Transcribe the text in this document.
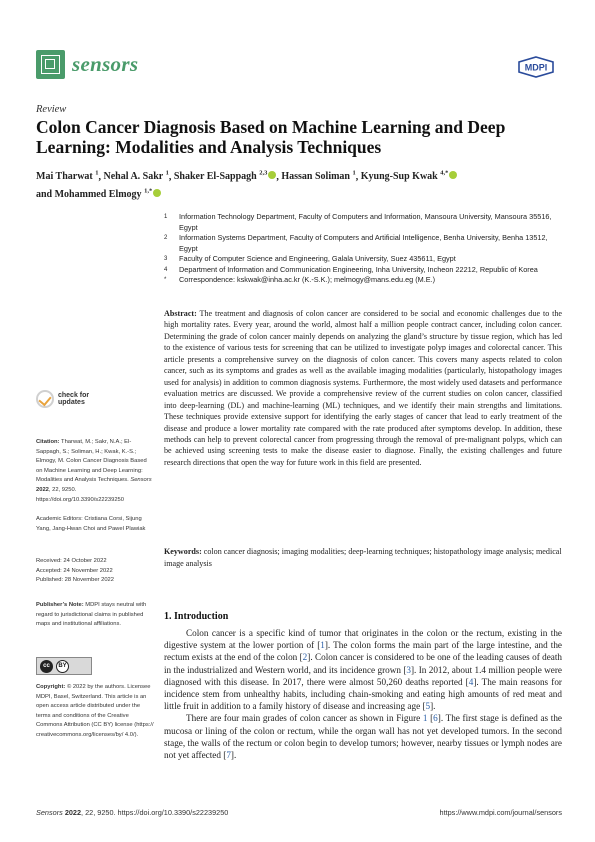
sensors	MDPI
Review
Colon Cancer Diagnosis Based on Machine Learning and Deep Learning: Modalities and Analysis Techniques
Mai Tharwat $^1$, Nehal A. Sakr $^1$, Shaker El-Sappagh $^{2,3}$ , Hassan Soliman $^1$, Kyung-Sup Kwak $^{4,*}$
and Mohammed Elmogy $^{1,*}$
1	Information Technology Department, Faculty of Computers and Information, Mansoura University, Mansoura 35516, Egypt
2	Information Systems Department, Faculty of Computers and Artificial Intelligence, Benha University, Benha 13512, Egypt
3	Faculty of Computer Science and Engineering, Galala University, Suez 435611, Egypt
4	Department of Information and Communication Engineering, Inha University, Incheon 22212, Republic of Korea
*	Correspondence: kskwak@inha.ac.kr (K.-S.K.); melmogy@mans.edu.eg (M.E.)
Abstract: The treatment and diagnosis of colon cancer are considered to be social and economic challenges due to the high mortality rates. Every year, around the world, almost half a million people contract cancer, including colon cancer. Determining the grade of colon cancer mainly depends on analyzing the gland’s structure by tissue region, which has led to the existence of various tests for screening that can be utilized to investigate polyp images and colorectal cancer. This article presents a comprehensive survey on the diagnosis of colon cancer. This covers many aspects related to colon cancer, such as its symptoms and grades as well as the available imaging modalities (particularly, histopathology images used for analysis) in addition to common diagnosis systems. Furthermore, the most widely used datasets and performance evaluation metrics are discussed. We provide a comprehensive review of the current studies on colon cancer, classified into deep-learning (DL) and machine-learning (ML) techniques, and we identify their main strengths and limitations. These techniques provide extensive support for identifying the early stages of cancer that lead to early treatment of the disease and produce a lower mortality rate compared with the rate produced after symptoms develop. In addition, these methods can help to prevent colorectal cancer from progressing through the removal of pre-malignant polyps, which can be achieved using screening tests to make the disease easier to diagnose. Finally, the existing challenges and future research directions that open the way for future work in this field are presented.
Keywords: colon cancer diagnosis; imaging modalities; deep-learning techniques; histopathology image analysis; medical image analysis
check for
updates
Citation: Tharwat, M.; Sakr, N.A.; El-Sappagh, S.; Soliman, H.; Kwak, K.-S.; Elmogy, M. Colon Cancer Diagnosis Based on Machine Learning and Deep Learning: Modalities and Analysis Techniques. Sensors 2022, 22, 9250. https://doi.org/10.3390/s22239250
Academic Editors: Cristiana Corsi, Sijung Yang, Jang-Hwan Choi and Pawel Plawiak
Received: 24 October 2022
Accepted: 24 November 2022
Published: 28 November 2022
Publisher’s Note: MDPI stays neutral with regard to jurisdictional claims in published maps and institutional affiliations.
cc	BY
Copyright: © 2022 by the authors. Licensee MDPI, Basel, Switzerland. This article is an open access article distributed under the terms and conditions of the Creative Commons Attribution (CC BY) license (https:// creativecommons.org/licenses/by/ 4.0/).
1. Introduction

Colon cancer is a specific kind of tumor that originates in the colon or the rectum, existing in the digestive system at the lower portion of [1]. The colon forms the main part of the large intestine, and the rectum exists at the end of the colon [2]. Colon cancer is considered to be one of the leading causes of death in the industrialized and Western world, and its incidence grown [3]. In 2012, about 1.4 million people were diagnosed with this disease. In 2017, there were almost 50,260 deaths reported [4]. The main reasons for incidence stem from unhealthy habits, including chain-smoking and eating high amounts of red meat and little fruit in addition to a family history of disease and increasing age [5].

There are four main grades of colon cancer as shown in Figure 1 [6]. The first stage is defined as the mucosa or lining of the colon or rectum, while the organ wall has not yet developed tumors. In the second stage, the walls of the rectum or colon begin to develop tumors; however, nearby tissues or lymph nodes are not yet affected [7].

Sensors 2022, 22, 9250. https://doi.org/10.3390/s22239250	https://www.mdpi.com/journal/sensors
